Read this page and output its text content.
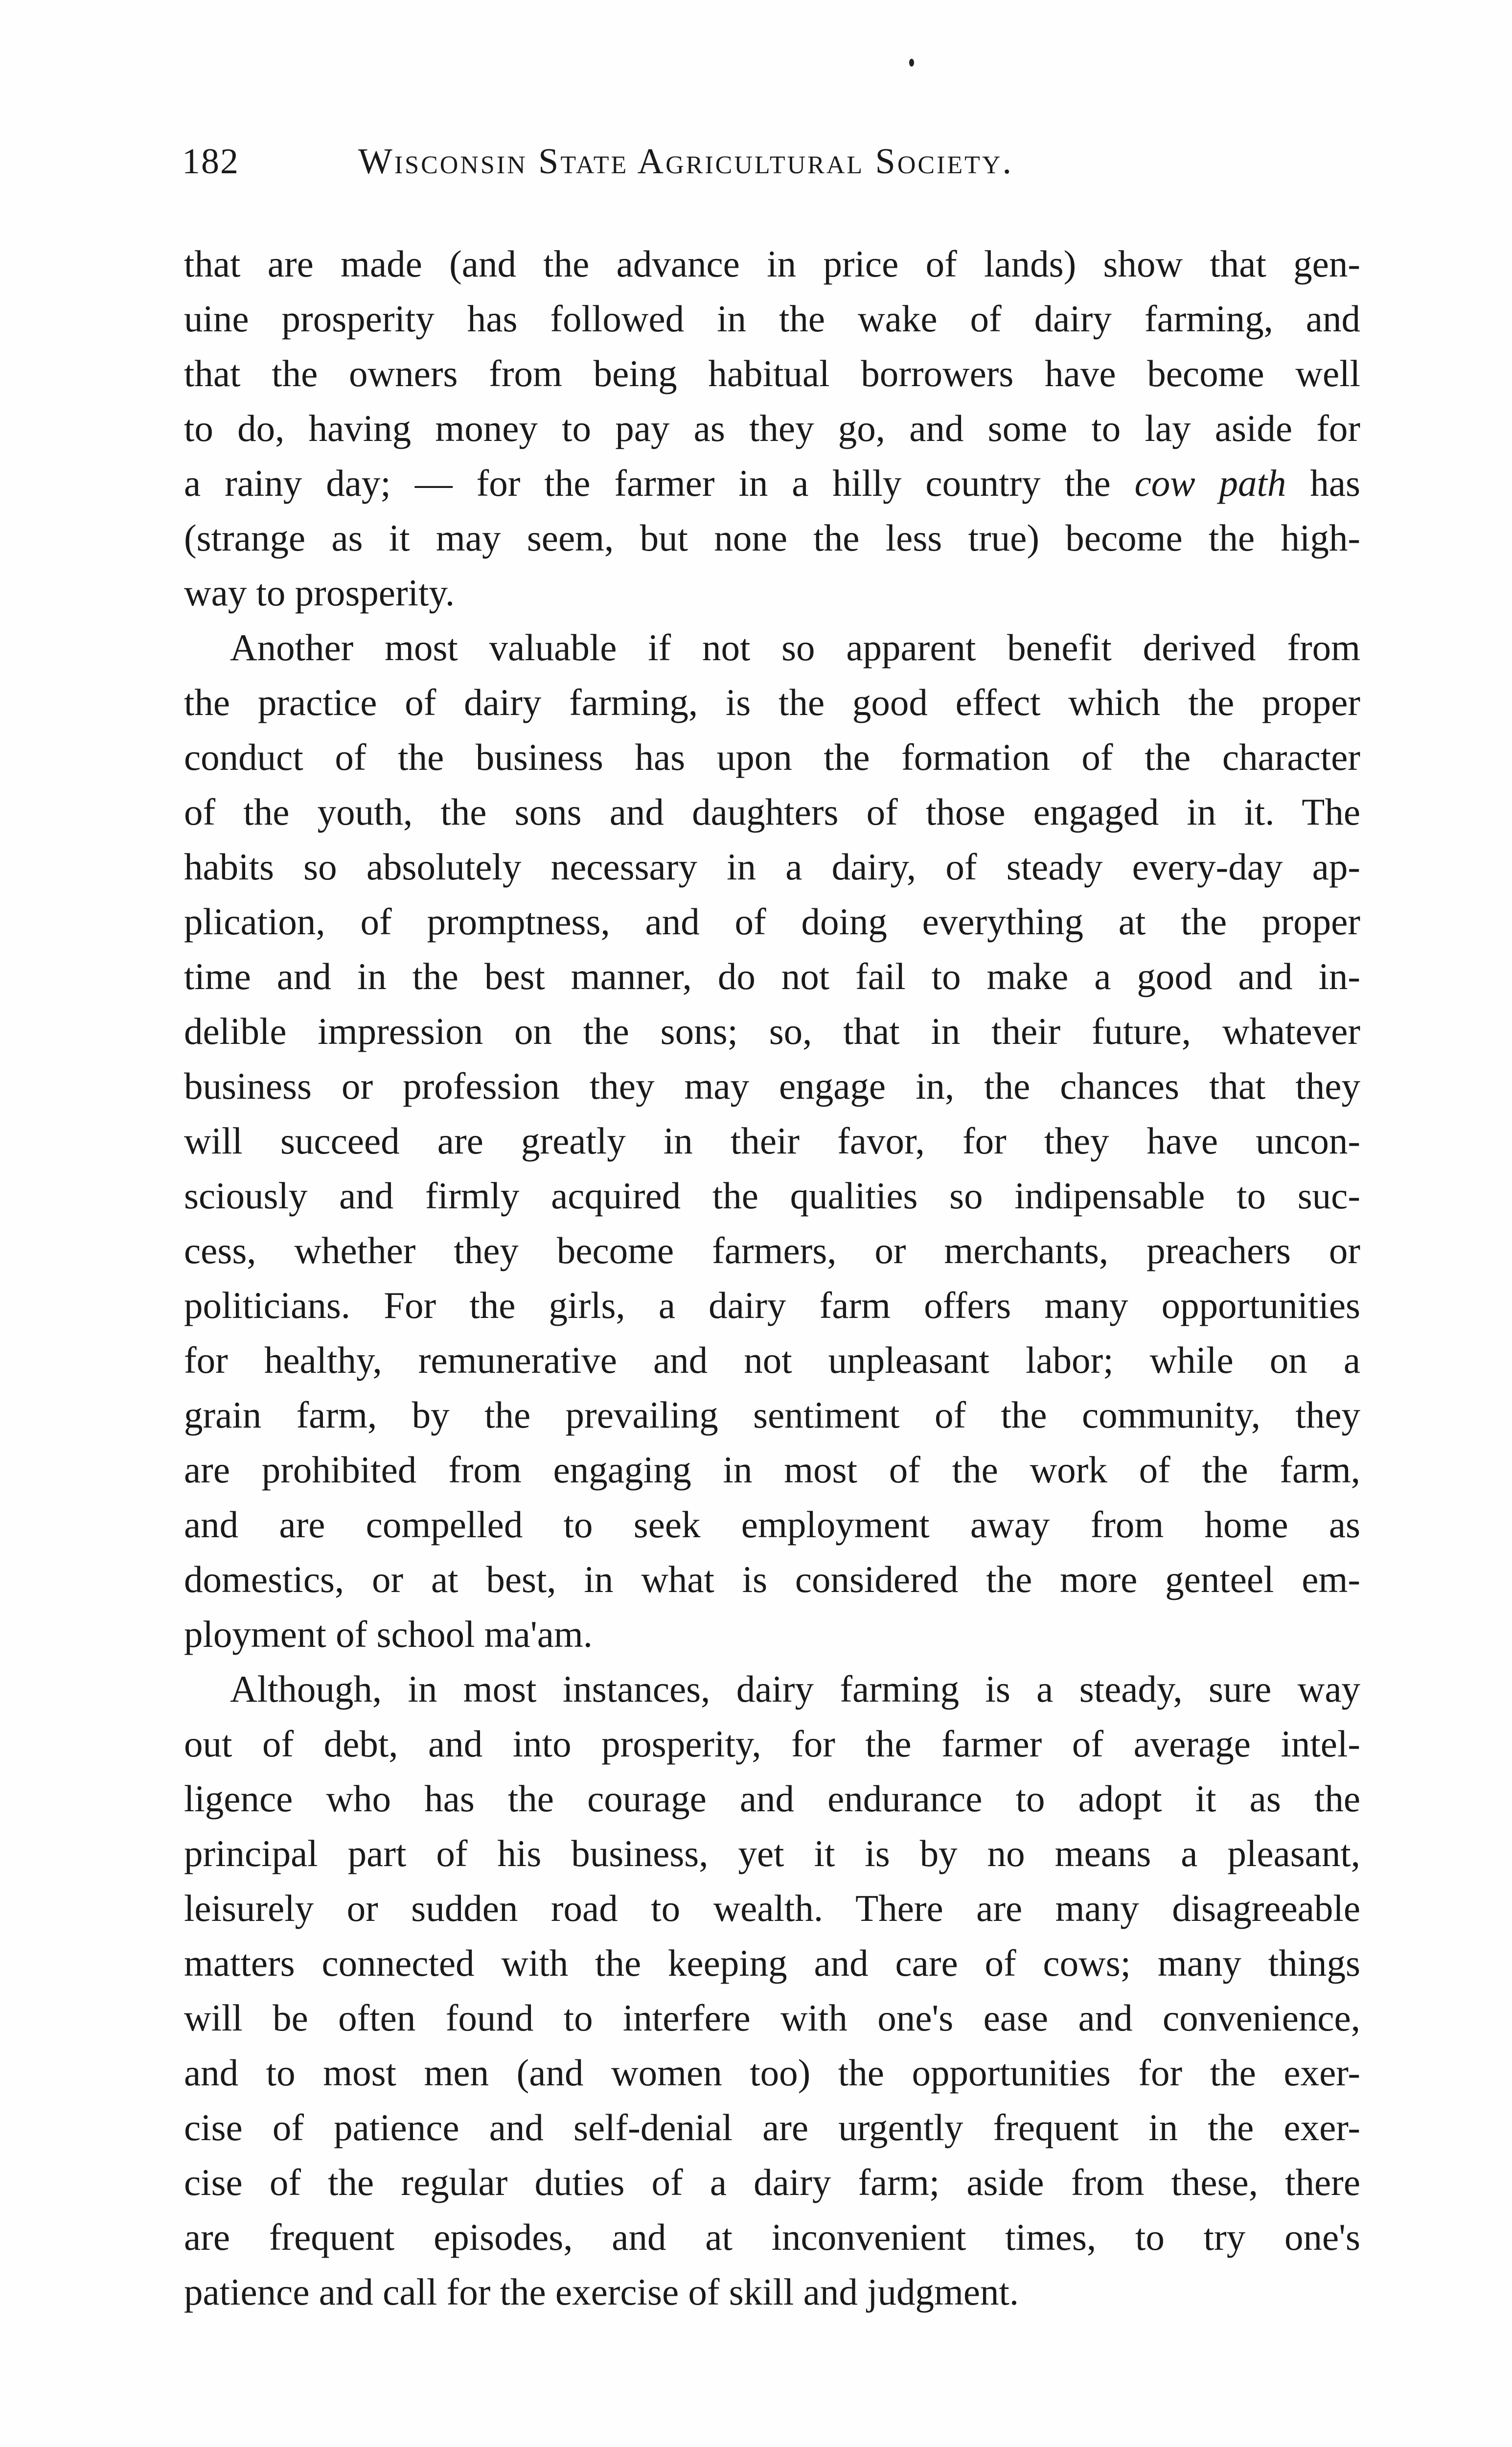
182	Wisconsin State Agricultural Society.

that are made (and the advance in price of lands) show that gen-
uine prosperity has followed in the wake of dairy farming, and
that the owners from being habitual borrowers have become well
to do, having money to pay as they go, and some to lay aside for
a rainy day; — for the farmer in a hilly country the cow path has
(strange as it may seem, but none the less true) become the high-
way to prosperity.

Another most valuable if not so apparent benefit derived from
the practice of dairy farming, is the good effect which the proper
conduct of the business has upon the formation of the character
of the youth, the sons and daughters of those engaged in it. The
habits so absolutely necessary in a dairy, of steady every-day ap-
plication, of promptness, and of doing everything at the proper
time and in the best manner, do not fail to make a good and in-
delible impression on the sons; so, that in their future, whatever
business or profession they may engage in, the chances that they
will succeed are greatly in their favor, for they have uncon-
sciously and firmly acquired the qualities so indipensable to suc-
cess, whether they become farmers, or merchants, preachers or
politicians. For the girls, a dairy farm offers many opportunities
for healthy, remunerative and not unpleasant labor; while on a
grain farm, by the prevailing sentiment of the community, they
are prohibited from engaging in most of the work of the farm,
and are compelled to seek employment away from home as
domestics, or at best, in what is considered the more genteel em-
ployment of school ma'am.

Although, in most instances, dairy farming is a steady, sure way
out of debt, and into prosperity, for the farmer of average intel-
ligence who has the courage and endurance to adopt it as the
principal part of his business, yet it is by no means a pleasant,
leisurely or sudden road to wealth. There are many disagreeable
matters connected with the keeping and care of cows; many things
will be often found to interfere with one's ease and convenience,
and to most men (and women too) the opportunities for the exer-
cise of patience and self-denial are urgently frequent in the exer-
cise of the regular duties of a dairy farm; aside from these, there
are frequent episodes, and at inconvenient times, to try one's
patience and call for the exercise of skill and judgment.
